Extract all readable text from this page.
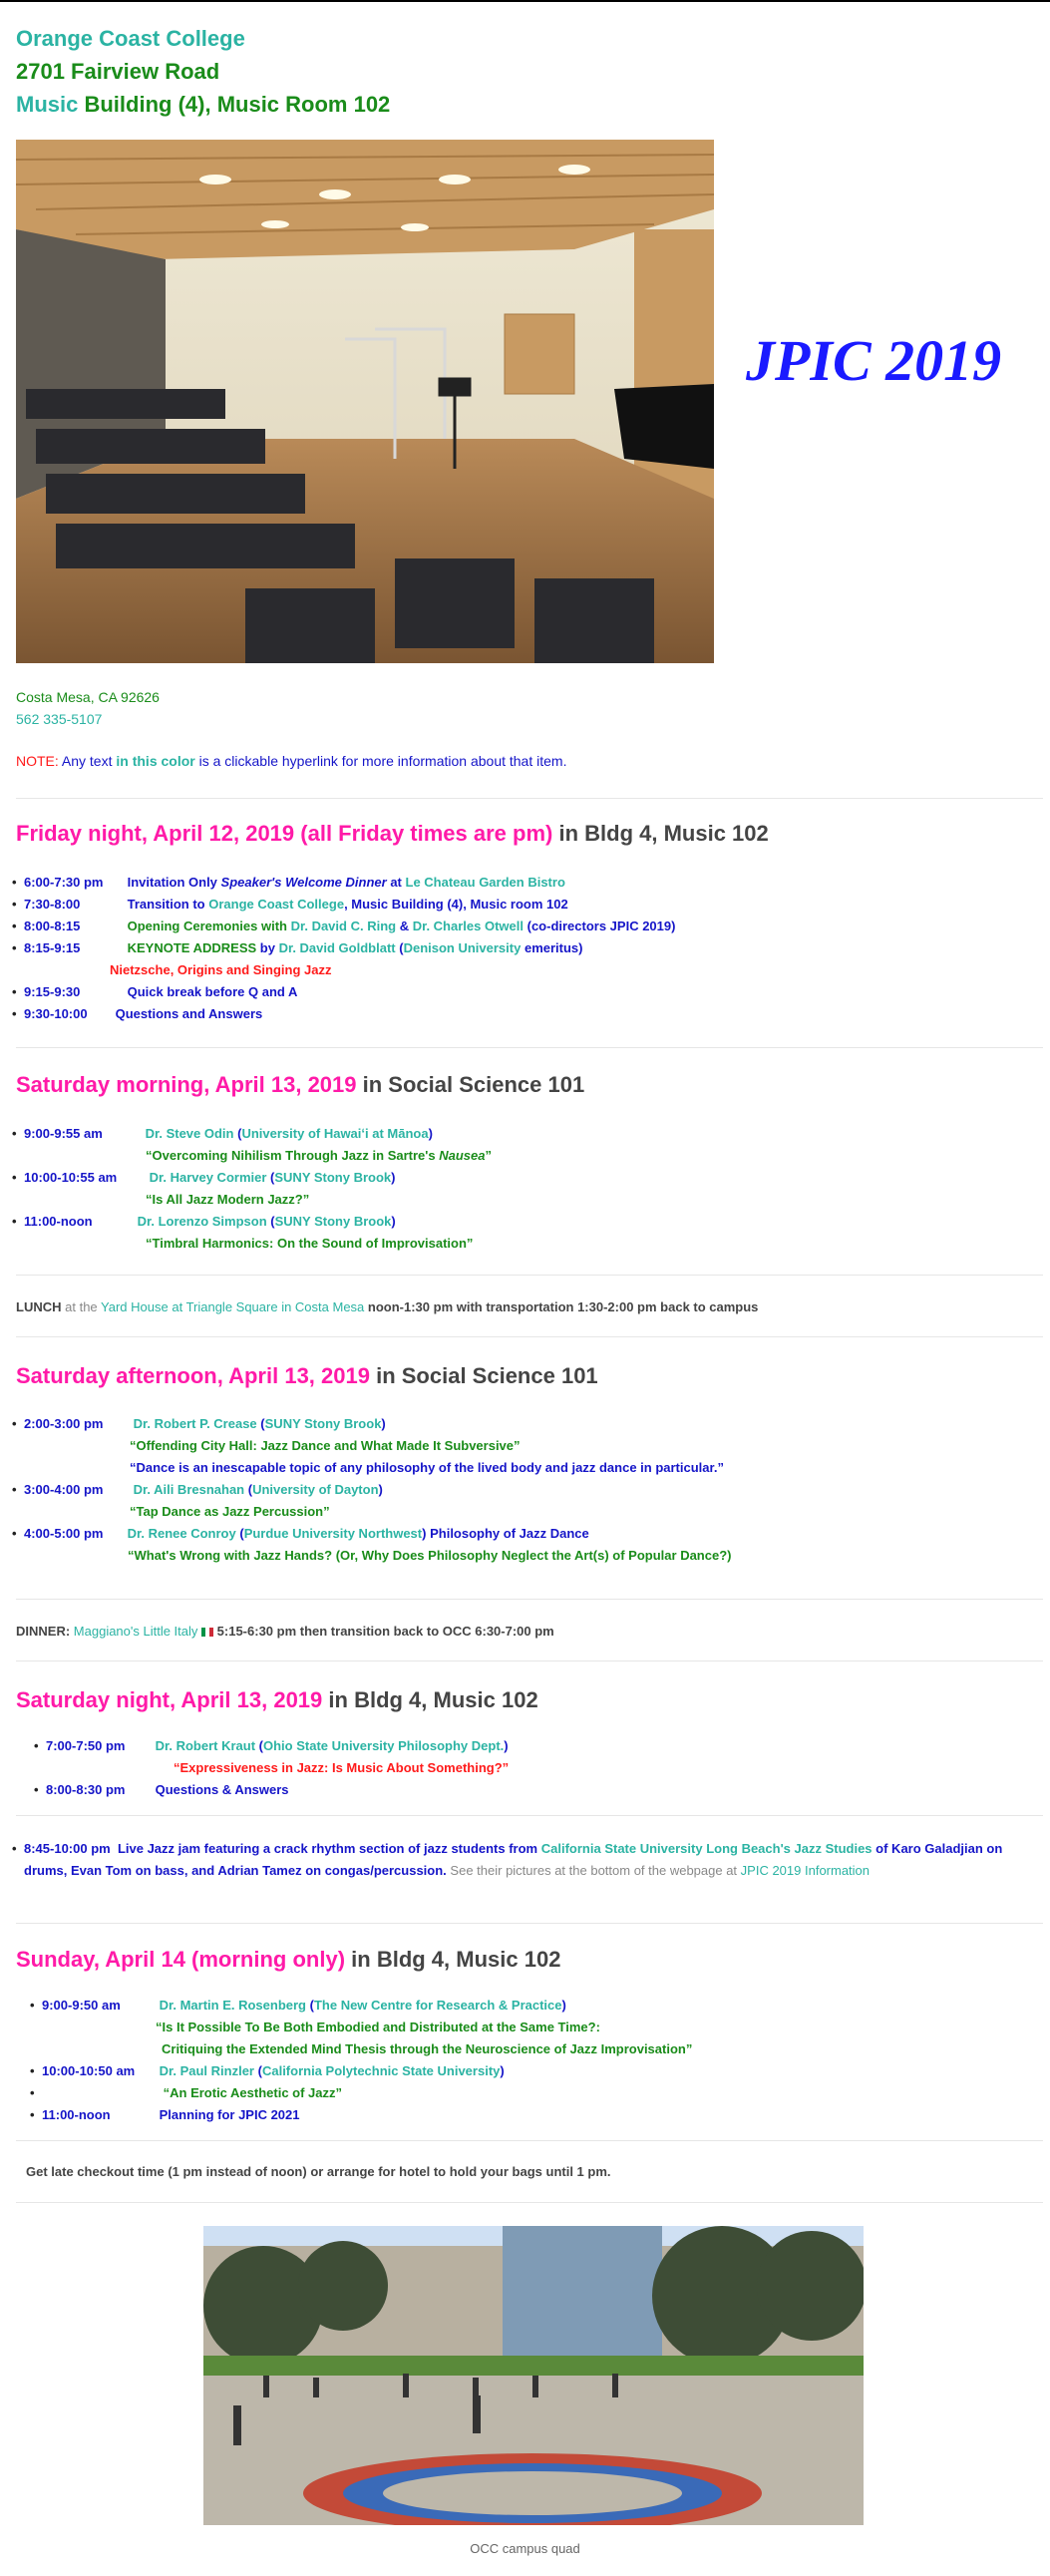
Orange Coast College
2701 Fairview Road
Music Building (4), Music Room 102
JPIC 2019
Costa Mesa, CA 92626
562 335-5107
NOTE: Any text in this color is a clickable hyperlink for more information about that item.
Friday night, April 12, 2019 (all Friday times are pm) in Bldg 4, Music 102
• 6:00-7:30 pm Invitation Only Speaker's Welcome Dinner at Le Chateau Garden Bistro
• 7:30-8:00	Transition to Orange Coast College, Music Building (4), Music room 102
• 8:00-8:15	Opening Ceremonies with Dr. David C. Ring & Dr. Charles Otwell (co-directors JPIC 2019)
• 8:15-9:15	KEYNOTE ADDRESS by Dr. David Goldblatt (Denison University emeritus)
Nietzsche, Origins and Singing Jazz
• 9:15-9:30	Quick break before Q and A
• 9:30-10:00 Questions and Answers
Saturday morning, April 13, 2019 in Social Science 101
• 9:00-9:55 am	Dr. Steve Odin (University of Hawaiʻi at Mānoa)
“Overcoming Nihilism Through Jazz in Sartre's Nausea”
• 10:00-10:55 am Dr. Harvey Cormier (SUNY Stony Brook)
“Is All Jazz Modern Jazz?”
• 11:00-noon	Dr. Lorenzo Simpson (SUNY Stony Brook)
“Timbral Harmonics: On the Sound of Improvisation”
LUNCH at the Yard House at Triangle Square in Costa Mesa noon-1:30 pm with transportation 1:30-2:00 pm back to campus
Saturday afternoon, April 13, 2019 in Social Science 101
• 2:00-3:00 pm Dr. Robert P. Crease (SUNY Stony Brook)
“Offending City Hall: Jazz Dance and What Made It Subversive”
“Dance is an inescapable topic of any philosophy of the lived body and jazz dance in particular.”
• 3:00-4:00 pm Dr. Aili Bresnahan (University of Dayton)
“Tap Dance as Jazz Percussion”
• 4:00-5:00 pm Dr. Renee Conroy (Purdue University Northwest) Philosophy of Jazz Dance
“What's Wrong with Jazz Hands? (Or, Why Does Philosophy Neglect the Art(s) of Popular Dance?)
DINNER: Maggiano's Little Italy 5:15-6:30 pm then transition back to OCC 6:30-7:00 pm
Saturday night, April 13, 2019 in Bldg 4, Music 102
• 7:00-7:50 pm Dr. Robert Kraut (Ohio State University Philosophy Dept.)
“Expressiveness in Jazz: Is Music About Something?”
• 8:00-8:30 pm Questions & Answers
• 8:45-10:00 pm Live Jazz jam featuring a crack rhythm section of jazz students from California State University Long Beach's Jazz Studies of Karo Galadjian on drums, Evan Tom on bass, and Adrian Tamez on congas/percussion. See their pictures at the bottom of the webpage at JPIC 2019 Information
Sunday, April 14 (morning only) in Bldg 4, Music 102
• 9:00-9:50 am	Dr. Martin E. Rosenberg (The New Centre for Research & Practice)
“Is It Possible To Be Both Embodied and Distributed at the Same Time?:
Critiquing the Extended Mind Thesis through the Neuroscience of Jazz Improvisation”
• 10:00-10:50 am Dr. Paul Rinzler (California Polytechnic State University)
• “An Erotic Aesthetic of Jazz”
• 11:00-noon	Planning for JPIC 2021
Get late checkout time (1 pm instead of noon) or arrange for hotel to hold your bags until 1 pm.
OCC campus quad
